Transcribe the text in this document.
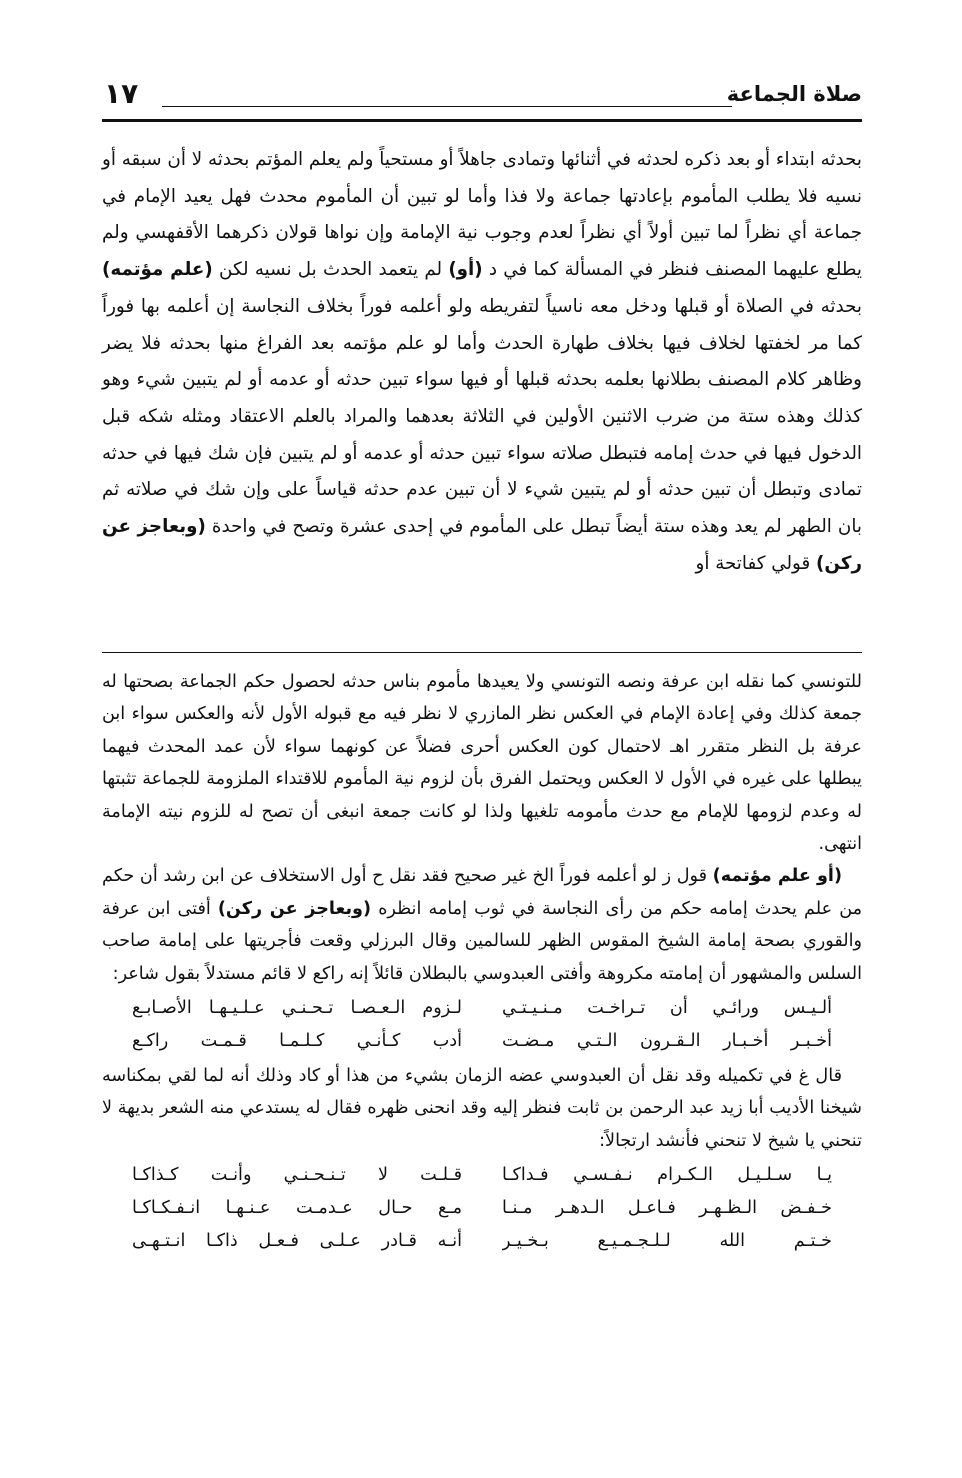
صلاة الجماعة
١٧

بحدثه ابتداء أو بعد ذكره لحدثه في أثنائها وتمادى جاهلاً أو مستحياً ولم يعلم المؤتم بحدثه لا أن سبقه أو نسيه فلا يطلب المأموم بإعادتها جماعة ولا فذا وأما لو تبين أن المأموم محدث فهل يعيد الإمام في جماعة أي نظراً لما تبين أولاً أي نظراً لعدم وجوب نية الإمامة وإن نواها قولان ذكرهما الأقفهسي ولم يطلع عليهما المصنف فنظر في المسألة كما في د (أو) لم يتعمد الحدث بل نسيه لكن (علم مؤتمه) بحدثه في الصلاة أو قبلها ودخل معه ناسياً لتفريطه ولو أعلمه فوراً بخلاف النجاسة إن أعلمه بها فوراً كما مر لخفتها لخلاف فيها بخلاف طهارة الحدث وأما لو علم مؤتمه بعد الفراغ منها بحدثه فلا يضر وظاهر كلام المصنف بطلانها بعلمه بحدثه قبلها أو فيها سواء تبين حدثه أو عدمه أو لم يتبين شيء وهو كذلك وهذه ستة من ضرب الاثنين الأولين في الثلاثة بعدهما والمراد بالعلم الاعتقاد ومثله شكه قبل الدخول فيها في حدث إمامه فتبطل صلاته سواء تبين حدثه أو عدمه أو لم يتبين فإن شك فيها في حدثه تمادى وتبطل أن تبين حدثه أو لم يتبين شيء لا أن تبين عدم حدثه قياساً على وإن شك في صلاته ثم بان الطهر لم يعد وهذه ستة أيضاً تبطل على المأموم في إحدى عشرة وتصح في واحدة (وبعاجز عن ركن) قولي كفاتحة أو

للتونسي كما نقله ابن عرفة ونصه التونسي ولا يعيدها مأموم بناس حدثه لحصول حكم الجماعة بصحتها له جمعة كذلك وفي إعادة الإمام في العكس نظر المازري لا نظر فيه مع قبوله الأول لأنه والعكس سواء ابن عرفة بل النظر متقرر اهـ لاحتمال كون العكس أحرى فضلاً عن كونهما سواء لأن عمد المحدث فيهما يبطلها على غيره في الأول لا العكس ويحتمل الفرق بأن لزوم نية المأموم للاقتداء الملزومة للجماعة تثبتها له وعدم لزومها للإمام مع حدث مأمومه تلغيها ولذا لو كانت جمعة انبغى أن تصح له للزوم نيته الإمامة انتهى.

(أو علم مؤتمه) قول ز لو أعلمه فوراً الخ غير صحيح فقد نقل ح أول الاستخلاف عن ابن رشد أن حكم من علم يحدث إمامه حكم من رأى النجاسة في ثوب إمامه انظره (وبعاجز عن ركن) أفتى ابن عرفة والقوري بصحة إمامة الشيخ المقوس الظهر للسالمين وقال البرزلي وقعت فأجريتها على إمامة صاحب السلس والمشهور أن إمامته مكروهة وأفتى العبدوسي بالبطلان قائلاً إنه راكع لا قائم مستدلاً بقول شاعر:

ألـيـس ورائـي أن تـراخـت مـنـيـتـي
لـزوم الـعـصـا تـحـنـي عـلـيـهـا الأصـابـع
أخـبـر أخـبـار الـقـرون الـتـي مـضـت
أدب كـأنـي كـلـمـا قـمـت راكـع

قال غ في تكميله وقد نقل أن العبدوسي عضه الزمان بشيء من هذا أو كاد وذلك أنه لما لقي بمكناسه شيخنا الأديب أبا زيد عبد الرحمن بن ثابت فنظر إليه وقد انحنى ظهره فقال له يستدعي منه الشعر بديهة لا تنحني يا شيخ لا تنحني فأنشد ارتجالاً:

يـا سـلـيـل الـكـرام نـفـسـي فـداكـا
قـلـت لا تـنـحـنـي وأنـت كـذاكـا
خـفـض الـظـهـر فـاعـل الـدهـر مـنـا
مـع حـال عـدمـت عـنـهـا انـفـكـاكـا
خـتـم الله لـلـجـمـيـع بـخـيـر
أنـه قـادر عـلـى فـعـل ذاكـا انـتـهـى
